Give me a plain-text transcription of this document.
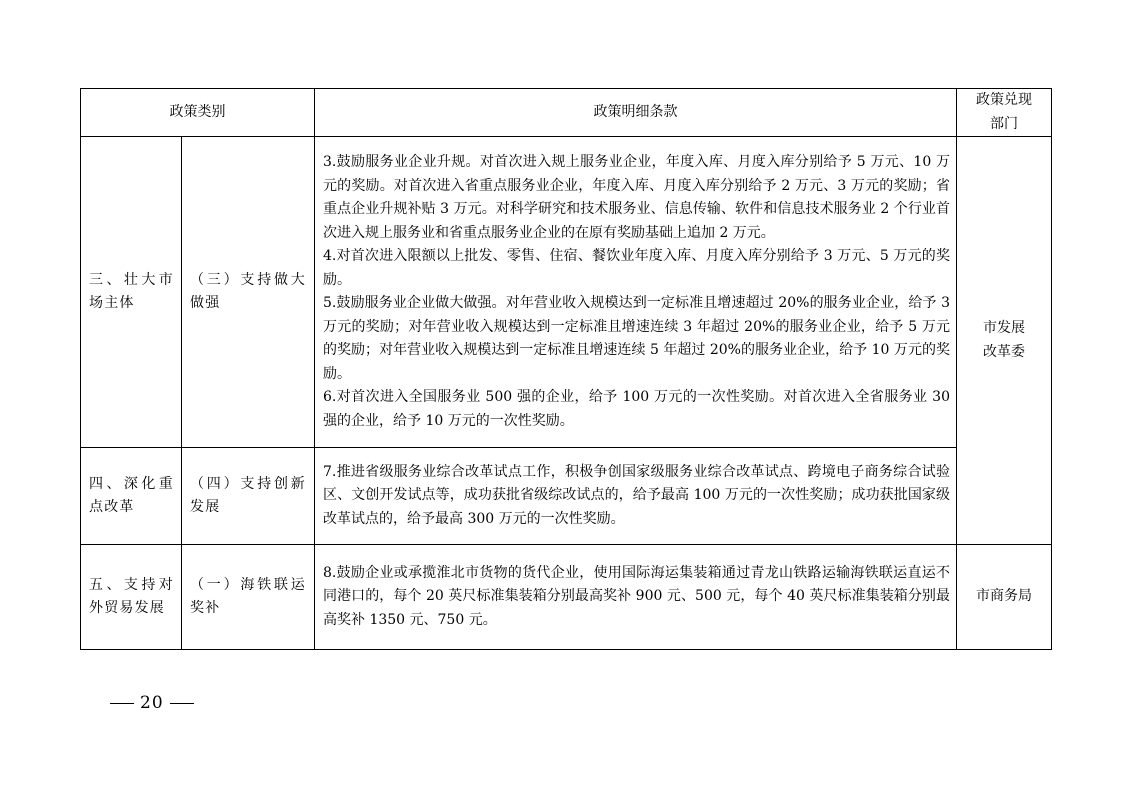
政策类别		政策明细条款	政策兑现部门
三、壮大市场主体	（三）支持做大做强	3.鼓励服务业企业升规。对首次进入规上服务业企业，年度入库、月度入库分别给予 5 万元、10 万元的奖励。对首次进入省重点服务业企业，年度入库、月度入库分别给予 2 万元、3 万元的奖励；省重点企业升规补贴 3 万元。对科学研究和技术服务业、信息传输、软件和信息技术服务业 2 个行业首次进入规上服务业和省重点服务业企业的在原有奖励基础上追加 2 万元。

4.对首次进入限额以上批发、零售、住宿、餐饮业年度入库、月度入库分别给予 3 万元、5 万元的奖励。

5.鼓励服务业企业做大做强。对年营业收入规模达到一定标准且增速超过 20%的服务业企业，给予 3 万元的奖励；对年营业收入规模达到一定标准且增速连续 3 年超过 20%的服务业企业，给予 5 万元的奖励；对年营业收入规模达到一定标准且增速连续 5 年超过 20%的服务业企业，给予 10 万元的奖励。

6.对首次进入全国服务业 500 强的企业，给予 100 万元的一次性奖励。对首次进入全省服务业 30 强的企业，给予 10 万元的一次性奖励。	市发展改革委
四、深化重点改革	（四）支持创新发展	7.推进省级服务业综合改革试点工作，积极争创国家级服务业综合改革试点、跨境电子商务综合试验区、文创开发试点等，成功获批省级综改试点的，给予最高 100 万元的一次性奖励；成功获批国家级改革试点的，给予最高 300 万元的一次性奖励。	

五、支持对外贸易发展	（一）海铁联运奖补	8.鼓励企业或承揽淮北市货物的货代企业，使用国际海运集装箱通过青龙山铁路运输海铁联运直运不同港口的，每个 20 英尺标准集装箱分别最高奖补 900 元、500 元，每个 40 英尺标准集装箱分别最高奖补 1350 元、750 元。	市商务局
20
